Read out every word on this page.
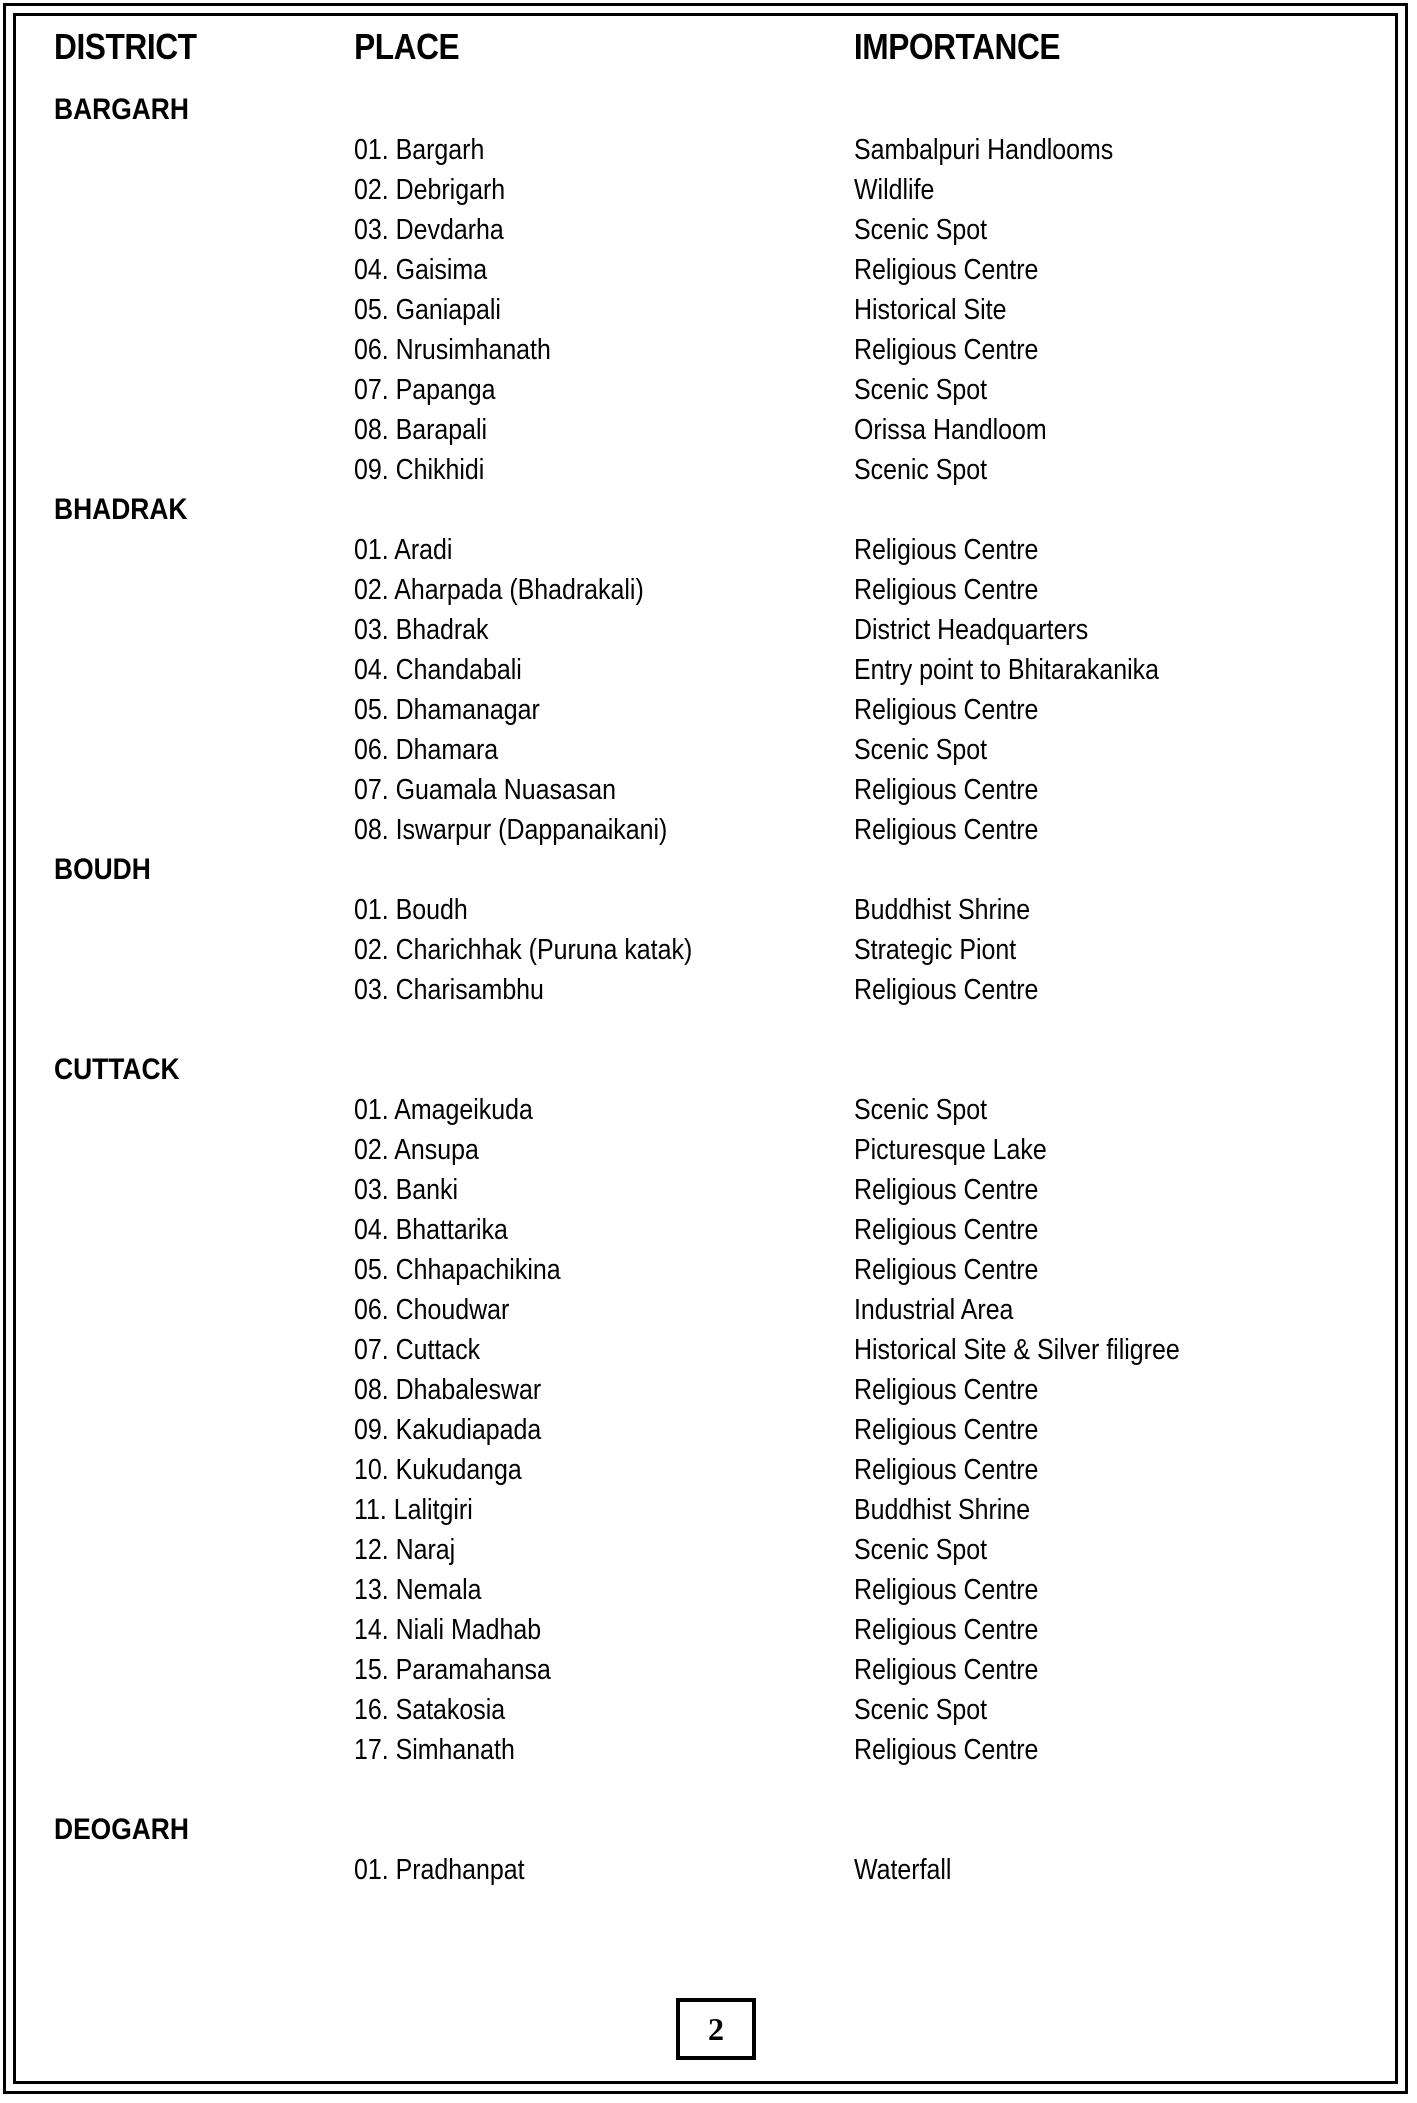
DISTRICT	PLACE	IMPORTANCE
BARGARH
01. Bargarh	Sambalpuri Handlooms
02. Debrigarh	Wildlife
03. Devdarha	Scenic Spot
04. Gaisima	Religious Centre
05. Ganiapali	Historical Site
06. Nrusimhanath	Religious Centre
07. Papanga	Scenic Spot
08. Barapali	Orissa Handloom
09. Chikhidi	Scenic Spot
BHADRAK
01. Aradi	Religious Centre
02. Aharpada (Bhadrakali)	Religious Centre
03. Bhadrak	District Headquarters
04. Chandabali	Entry point to Bhitarakanika
05. Dhamanagar	Religious Centre
06. Dhamara	Scenic Spot
07. Guamala Nuasasan	Religious Centre
08. Iswarpur (Dappanaikani)	Religious Centre
BOUDH
01. Boudh	Buddhist Shrine
02. Charichhak (Puruna katak)	Strategic Piont
03. Charisambhu	Religious Centre
CUTTACK
01. Amageikuda	Scenic Spot
02. Ansupa	Picturesque Lake
03. Banki	Religious Centre
04. Bhattarika	Religious Centre
05. Chhapachikina	Religious Centre
06. Choudwar	Industrial Area
07. Cuttack	Historical Site & Silver filigree
08. Dhabaleswar	Religious Centre
09. Kakudiapada	Religious Centre
10. Kukudanga	Religious Centre
11. Lalitgiri	Buddhist Shrine
12. Naraj	Scenic Spot
13. Nemala	Religious Centre
14. Niali Madhab	Religious Centre
15. Paramahansa	Religious Centre
16. Satakosia	Scenic Spot
17. Simhanath	Religious Centre
DEOGARH
01. Pradhanpat	Waterfall
2
